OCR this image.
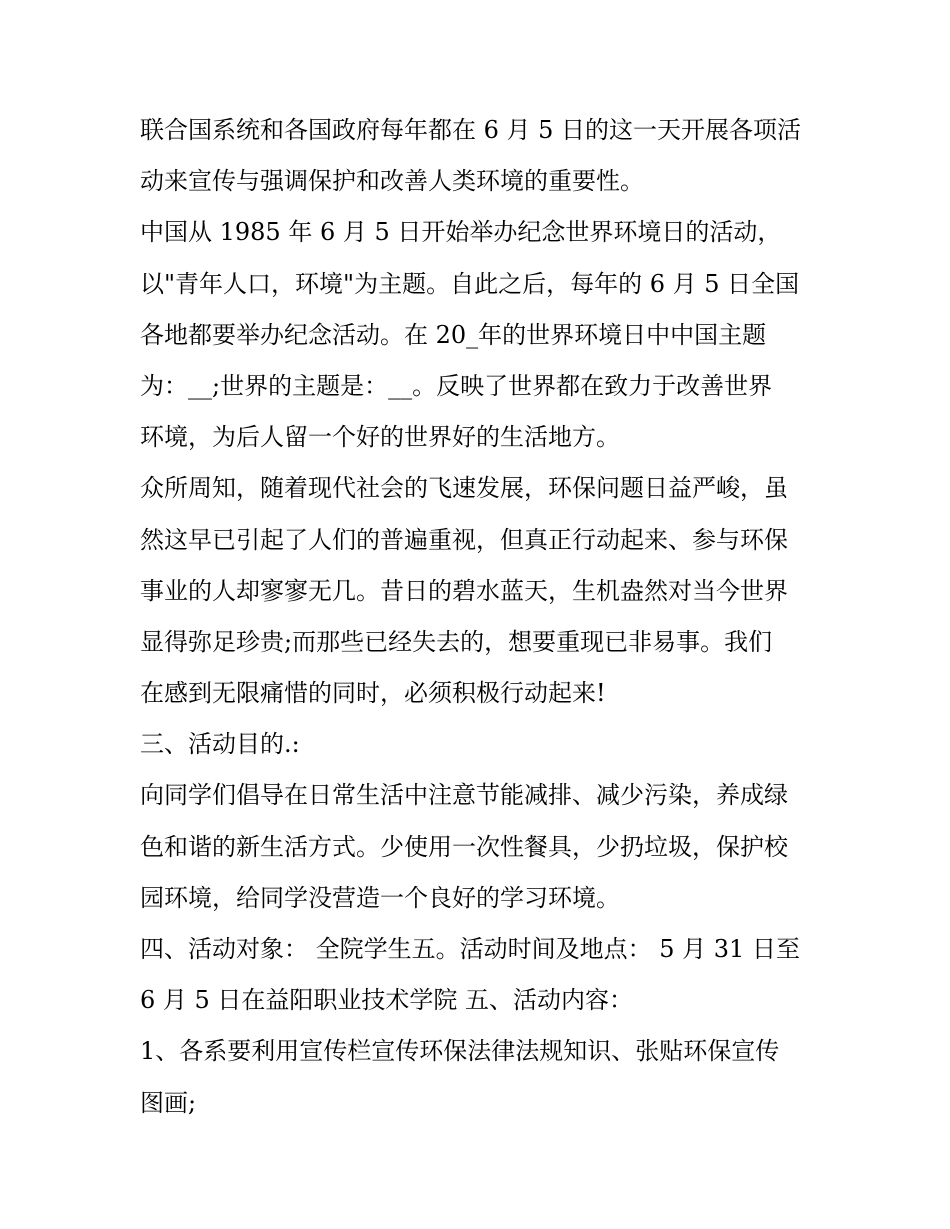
联合国系统和各国政府每年都在 6 月 5 日的这一天开展各项活
动来宣传与强调保护和改善人类环境的重要性。
中国从 1985 年 6 月 5 日开始举办纪念世界环境日的活动，
以"青年人口，环境"为主题。自此之后，每年的 6 月 5 日全国
各地都要举办纪念活动。在 20_年的世界环境日中中国主题
为：__;世界的主题是：__。反映了世界都在致力于改善世界
环境，为后人留一个好的世界好的生活地方。
众所周知，随着现代社会的飞速发展，环保问题日益严峻，虽
然这早已引起了人们的普遍重视，但真正行动起来、参与环保
事业的人却寥寥无几。昔日的碧水蓝天，生机盎然对当今世界
显得弥足珍贵;而那些已经失去的，想要重现已非易事。我们
在感到无限痛惜的同时，必须积极行动起来!
三、活动目的.:
向同学们倡导在日常生活中注意节能减排、减少污染，养成绿
色和谐的新生活方式。少使用一次性餐具，少扔垃圾，保护校
园环境，给同学没营造一个良好的学习环境。
四、活动对象： 全院学生五。活动时间及地点： 5 月 31 日至
6 月 5 日在益阳职业技术学院 五、活动内容：
1、各系要利用宣传栏宣传环保法律法规知识、张贴环保宣传
图画;
